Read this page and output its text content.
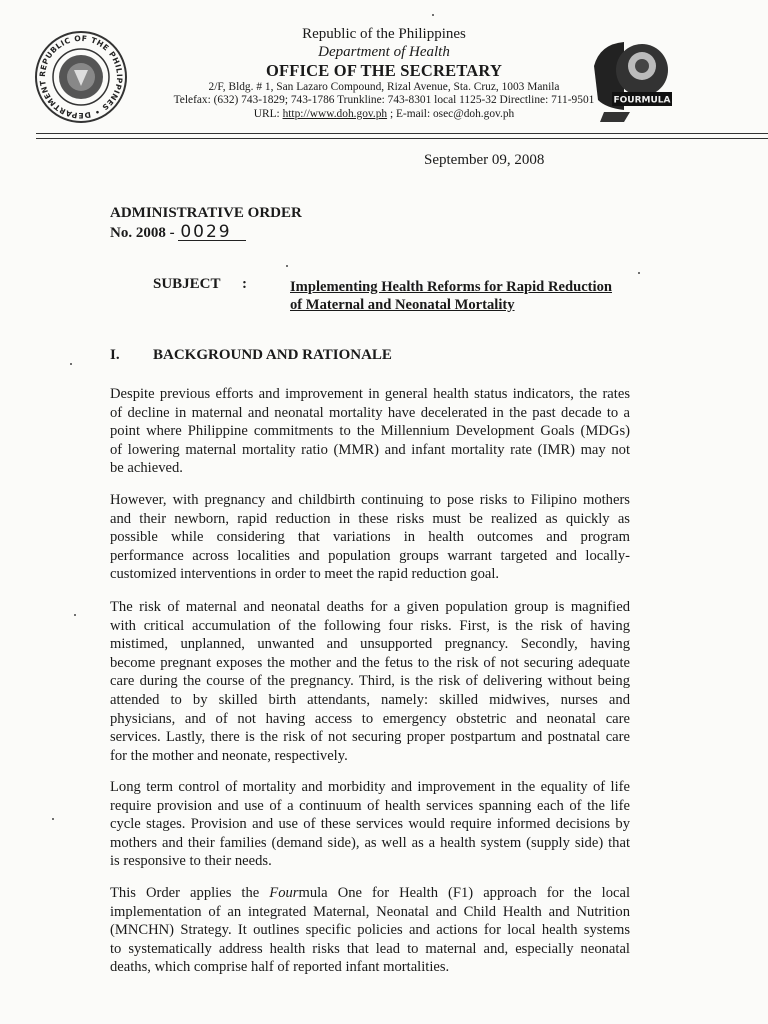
REPUBLIC OF THE PHILIPPINES • DEPARTMENT
FOURMULA
Republic of the Philippines
Department of Health
OFFICE OF THE SECRETARY
2/F, Bldg. # 1, San Lazaro Compound, Rizal Avenue, Sta. Cruz, 1003 Manila
Telefax: (632) 743-1829; 743-1786 Trunkline: 743-8301 local 1125-32 Directline: 711-9501
URL: http://www.doh.gov.ph ; E-mail: osec@doh.gov.ph
September 09, 2008
ADMINISTRATIVE ORDER
No. 2008 - 0029
SUBJECT :	Implementing Health Reforms for Rapid Reduction
of Maternal and Neonatal Mortality
I. BACKGROUND AND RATIONALE
Despite previous efforts and improvement in general health status indicators, the rates
of decline in maternal and neonatal mortality have decelerated in the past decade to a
point where Philippine commitments to the Millennium Development Goals (MDGs)
of lowering maternal mortality ratio (MMR) and infant mortality rate (IMR) may not
be achieved.
However, with pregnancy and childbirth continuing to pose risks to Filipino mothers
and their newborn, rapid reduction in these risks must be realized as quickly as
possible while considering that variations in health outcomes and program
performance across localities and population groups warrant targeted and locally-
customized interventions in order to meet the rapid reduction goal.
The risk of maternal and neonatal deaths for a given population group is magnified
with critical accumulation of the following four risks. First, is the risk of having
mistimed, unplanned, unwanted and unsupported pregnancy. Secondly, having
become pregnant exposes the mother and the fetus to the risk of not securing adequate
care during the course of the pregnancy. Third, is the risk of delivering without being
attended to by skilled birth attendants, namely: skilled midwives, nurses and
physicians, and of not having access to emergency obstetric and neonatal care
services. Lastly, there is the risk of not securing proper postpartum and postnatal care
for the mother and neonate, respectively.
Long term control of mortality and morbidity and improvement in the equality of life
require provision and use of a continuum of health services spanning each of the life
cycle stages. Provision and use of these services would require informed decisions by
mothers and their families (demand side), as well as a health system (supply side) that
is responsive to their needs.
This Order applies the Fourmula One for Health (F1) approach for the local
implementation of an integrated Maternal, Neonatal and Child Health and Nutrition
(MNCHN) Strategy. It outlines specific policies and actions for local health systems
to systematically address health risks that lead to maternal and, especially neonatal
deaths, which comprise half of reported infant mortalities.
